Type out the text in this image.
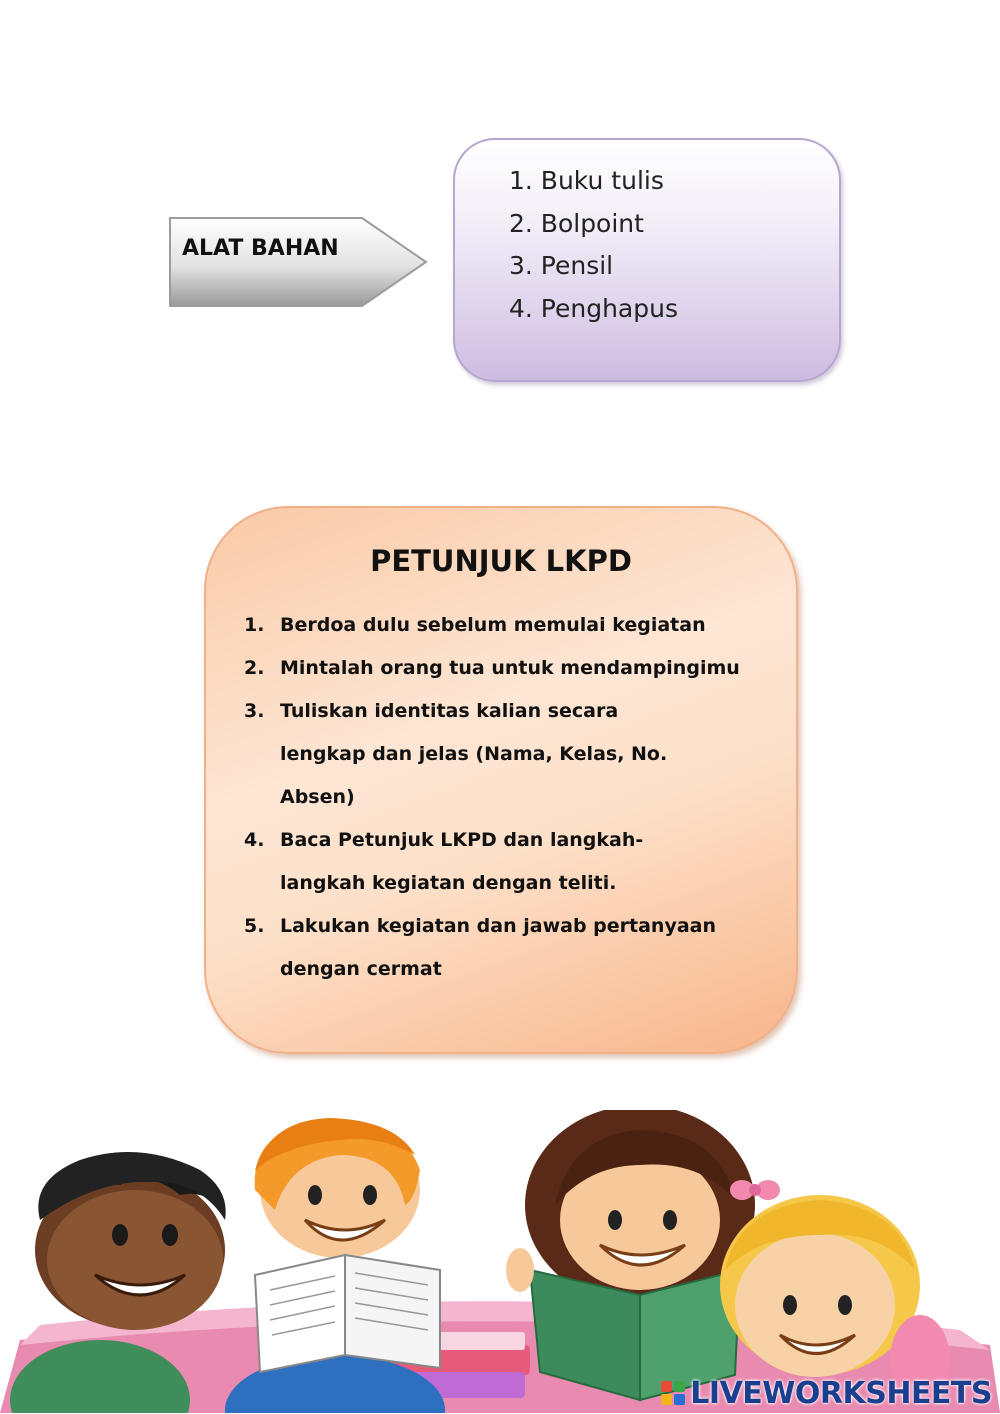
ALAT BAHAN
1. Buku tulis
2. Bolpoint
3. Pensil
4. Penghapus
PETUNJUK LKPD
1. Berdoa dulu sebelum memulai kegiatan
2. Mintalah orang tua untuk mendampingimu
3. Tuliskan identitas kalian secara lengkap dan jelas (Nama, Kelas, No. Absen)
4. Baca Petunjuk LKPD dan langkah-langkah kegiatan dengan teliti.
5. Lakukan kegiatan dan jawab pertanyaan dengan cermat
LIVEWORKSHEETS
